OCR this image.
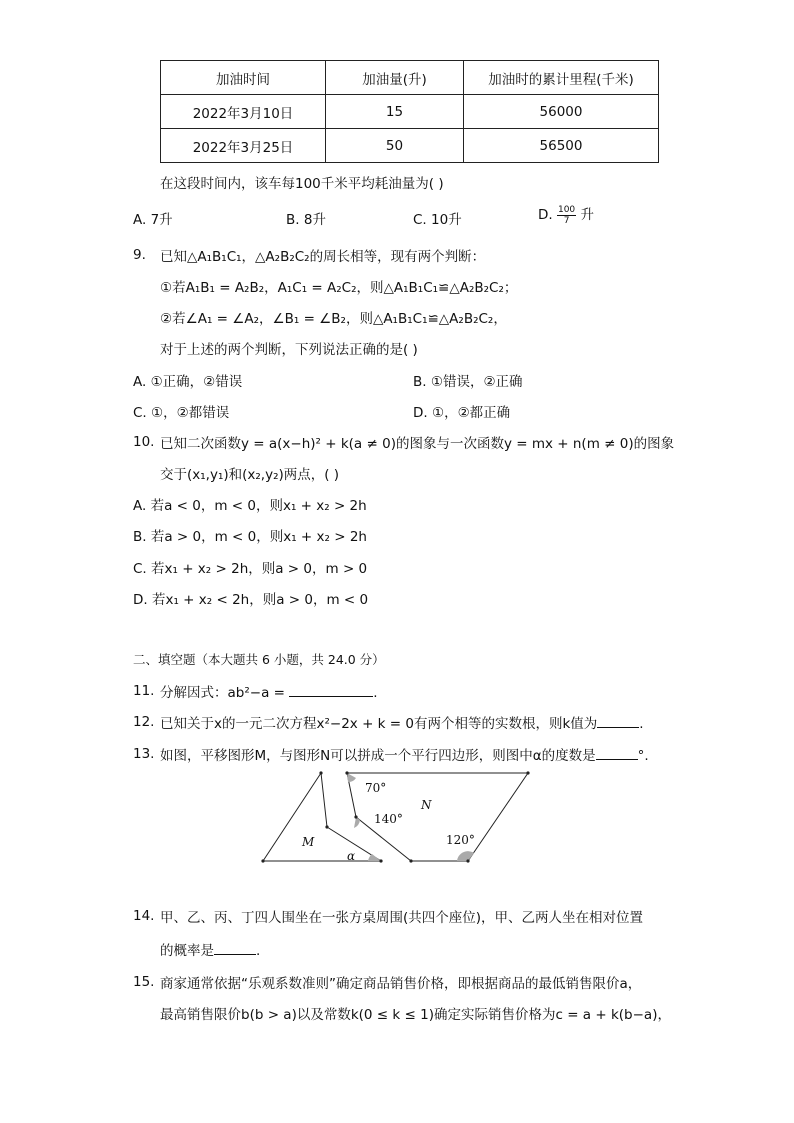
加油时间	加油量(升)	加油时的累计里程(千米)
2022年3月10日	15	56000
2022年3月25日	50	56500
在这段时间内，该车每100千米平均耗油量为( )
A. 7升	B. 8升	C. 10升	D. $\frac{100}{7}$ 升
9. 已知△A₁B₁C₁，△A₂B₂C₂的周长相等，现有两个判断：
①若A₁B₁ = A₂B₂，A₁C₁ = A₂C₂，则△A₁B₁C₁≌△A₂B₂C₂；
②若∠A₁ = ∠A₂，∠B₁ = ∠B₂，则△A₁B₁C₁≌△A₂B₂C₂，
对于上述的两个判断，下列说法正确的是( )
A. ①正确，②错误	B. ①错误，②正确
C. ①，②都错误	D. ①，②都正确
10. 已知二次函数y = a(x−h)² + k(a ≠ 0)的图象与一次函数y = mx + n(m ≠ 0)的图象
交于(x₁,y₁)和(x₂,y₂)两点，( )
A. 若a < 0，m < 0，则x₁ + x₂ > 2h
B. 若a > 0，m < 0，则x₁ + x₂ > 2h
C. 若x₁ + x₂ > 2h，则a > 0，m > 0
D. 若x₁ + x₂ < 2h，则a > 0，m < 0
二、填空题（本大题共 6 小题，共 24.0 分）
11. 分解因式：ab²−a =	.
12. 已知关于x的一元二次方程x²−2x + k = 0有两个相等的实数根，则k值为	.
13. 如图，平移图形M，与图形N可以拼成一个平行四边形，则图中α的度数是	°.
70°
140°
120°
M
N
α
14. 甲、乙、丙、丁四人围坐在一张方桌周围(共四个座位)，甲、乙两人坐在相对位置
的概率是	.
15. 商家通常依据“乐观系数准则”确定商品销售价格，即根据商品的最低销售限价a，
最高销售限价b(b > a)以及常数k(0 ≤ k ≤ 1)确定实际销售价格为c = a + k(b−a)，
